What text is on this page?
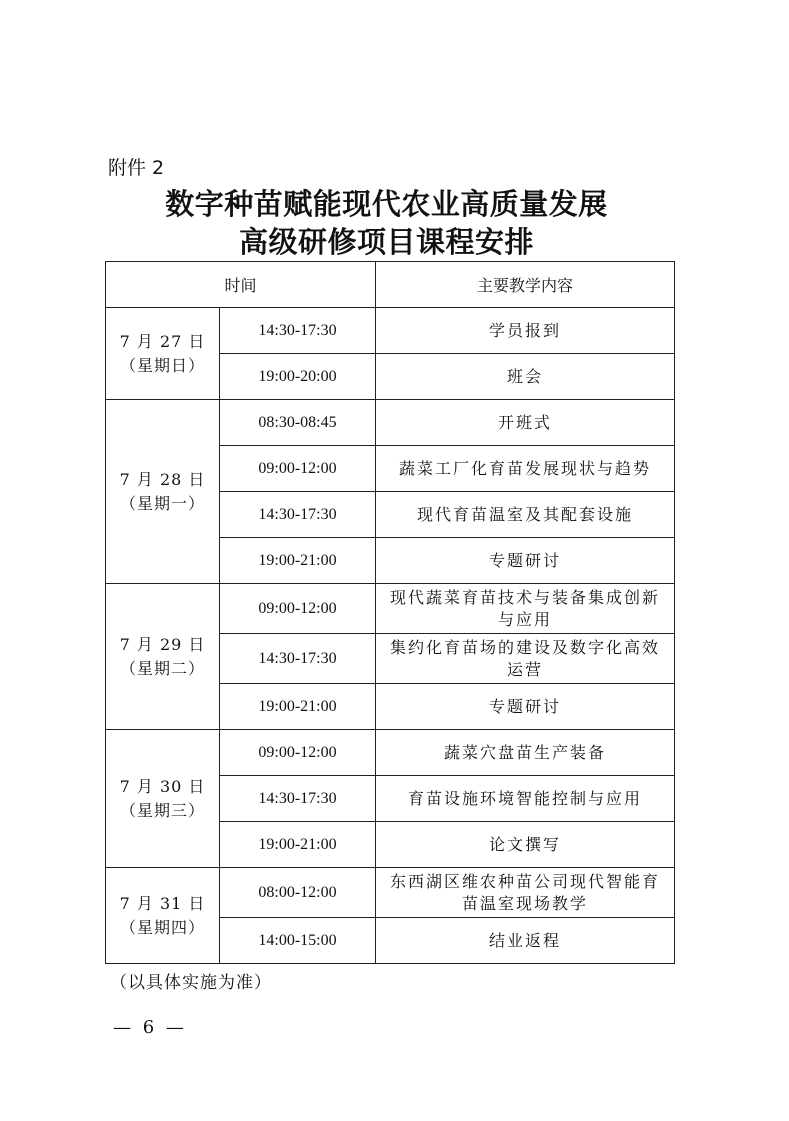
附件 2
数字种苗赋能现代农业高质量发展
高级研修项目课程安排
时间		主要教学内容

7 月 27 日
（星期日）	14:30-17:30	学员报到
	19:00-20:00	班会

7 月 28 日
（星期一）	08:30-08:45	开班式
	09:00-12:00	蔬菜工厂化育苗发展现状与趋势
	14:30-17:30	现代育苗温室及其配套设施
	19:00-21:00	专题研讨

7 月 29 日
（星期二）	09:00-12:00	现代蔬菜育苗技术与装备集成创新与应用
	14:30-17:30	集约化育苗场的建设及数字化高效运营
	19:00-21:00	专题研讨

7 月 30 日
（星期三）	09:00-12:00	蔬菜穴盘苗生产装备
	14:30-17:30	育苗设施环境智能控制与应用
	19:00-21:00	论文撰写

7 月 31 日
（星期四）	08:00-12:00	东西湖区维农种苗公司现代智能育苗温室现场教学
	14:00-15:00	结业返程
（以具体实施为准）
— 6 —
